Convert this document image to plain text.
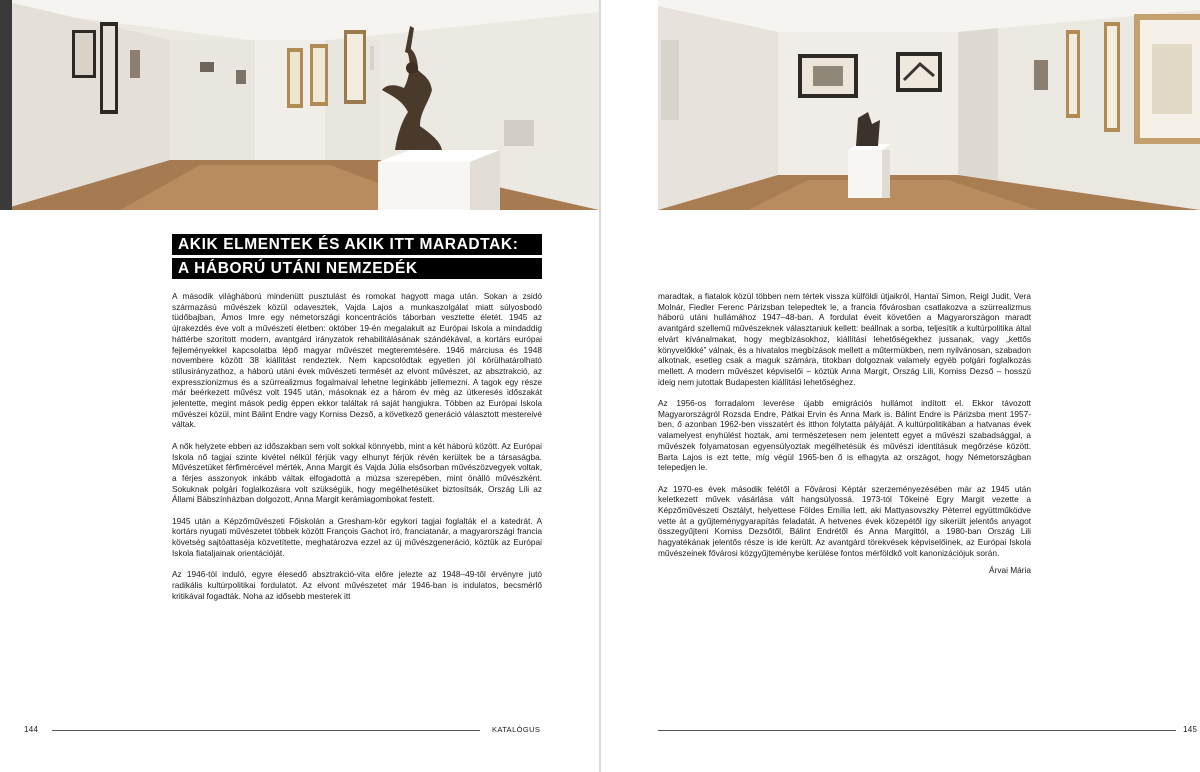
AKIK ELMENTEK ÉS AKIK ITT MARADTAK:
A HÁBORÚ UTÁNI NEMZEDÉK

A második világháború mindenütt pusztulást és romokat hagyott maga után. Sokan a zsidó származású művészek közül odavesztek, Vajda Lajos a munkaszolgálat miatt súlyosbodó tüdőbajban, Ámos Imre egy németországi koncentrációs táborban vesztette életét. 1945 az újrakezdés éve volt a művészeti életben: október 19-én megalakult az Európai Iskola a mindaddig háttérbe szorított modern, avantgárd irányzatok rehabilitálásának szándékával, a kortárs európai fejleményekkel kapcsolatba lépő magyar művészet megteremtésére. 1946 márciusa és 1948 novembere között 38 kiállítást rendeztek. Nem kapcsolódtak egyetlen jól körülhatárolható stílusirányzathoz, a háború utáni évek művészeti termését az elvont művészet, az absztrakció, az expresszionizmus és a szürrealizmus fogalmaival lehetne leginkább jellemezni. A tagok egy része már beérkezett művész volt 1945 után, másoknak ez a három év még az útkeresés időszakát jelentette, megint mások pedig éppen ekkor találtak rá saját hangjukra. Többen az Európai Iskola művészei közül, mint Bálint Endre vagy Korniss Dezső, a következő generáció választott mestereivé váltak.

A nők helyzete ebben az időszakban sem volt sokkal könnyebb, mint a két háború között. Az Európai Iskola nő tagjai szinte kivétel nélkül férjük vagy elhunyt férjük révén kerültek be a társaságba. Művészetüket férfimércével mérték, Anna Margit és Vajda Júlia elsősorban művészözvegyek voltak, a férjes asszonyok inkább váltak elfogadottá a múzsa szerepében, mint önálló művészként. Sokuknak polgári foglalkozásra volt szükségük, hogy megélhetésüket biztosítsák, Ország Lili az Állami Bábszínházban dolgozott, Anna Margit kerámiagombokat festett.

1945 után a Képzőművészeti Főiskolán a Gresham-kör egykori tagjai foglalták el a katedrát. A kortárs nyugati művészetet többek között François Gachot író, franciatanár, a magyarországi francia követség sajtóattaséja közvetítette, meghatározva ezzel az új művészgeneráció, köztük az Európai Iskola fiataljainak orientációját.

Az 1946-tól induló, egyre élesedő absztrakció-vita előre jelezte az 1948–49-től érvényre jutó radikális kultúrpolitikai fordulatot. Az elvont művészetet már 1946-ban is indulatos, becsmérlő kritikával fogadták. Noha az idősebb mesterek itt

144	KATALÓGUS

maradtak, a fiatalok közül többen nem tértek vissza külföldi útjaikról, Hantaï Simon, Reigl Judit, Vera Molnár, Fiedler Ferenc Párizsban telepedtek le, a francia fővárosban csatlakozva a szürrealizmus háború utáni hullámához 1947–48-ban. A fordulat éveit követően a Magyarországon maradt avantgárd szellemű művészeknek választaniuk kellett: beállnak a sorba, teljesítik a kultúrpolitika által elvárt kívánalmakat, hogy megbízásokhoz, kiállítási lehetőségekhez jussanak, vagy „kettős könyvelőkké” válnak, és a hivatalos megbízások mellett a műtermükben, nem nyilvánosan, szabadon alkotnak, esetleg csak a maguk számára, titokban dolgoznak valamely egyéb polgári foglalkozás mellett. A modern művészet képviselői – köztük Anna Margit, Ország Lili, Korniss Dezső – hosszú ideig nem jutottak Budapesten kiállítási lehetőséghez.

Az 1956-os forradalom leverése újabb emigrációs hullámot indított el. Ekkor távozott Magyarországról Rozsda Endre, Pátkai Ervin és Anna Mark is. Bálint Endre is Párizsba ment 1957-ben, ő azonban 1962-ben visszatért és itthon folytatta pályáját. A kultúrpolitikában a hatvanas évek valamelyest enyhülést hoztak, ami természetesen nem jelentett egyet a művészi szabadsággal, a művészek folyamatosan egyensúlyoztak megélhetésük és művészi identitásuk megőrzése között. Barta Lajos is ezt tette, míg végül 1965-ben ő is elhagyta az országot, hogy Németországban telepedjen le.

Az 1970-es évek második felétől a Fővárosi Képtár szerzeményezésében már az 1945 után keletkezett művek vásárlása vált hangsúlyossá. 1973-tól Tőkeiné Egry Margit vezette a Képzőművészeti Osztályt, helyettese Földes Emília lett, aki Mattyasovszky Péterrel együttműködve vette át a gyűjteménygyarapítás feladatát. A hetvenes évek közepétől így sikerült jelentős anyagot összegyűjteni Korniss Dezsőtől, Bálint Endrétől és Anna Margittól, a 1980-ban Ország Lili hagyatékának jelentős része is ide került. Az avantgárd törekvések képviselőinek, az Európai Iskola művészeinek fővárosi közgyűjteménybe kerülése fontos mérföldkő volt kanonizációjuk során.

Árvai Mária
145
